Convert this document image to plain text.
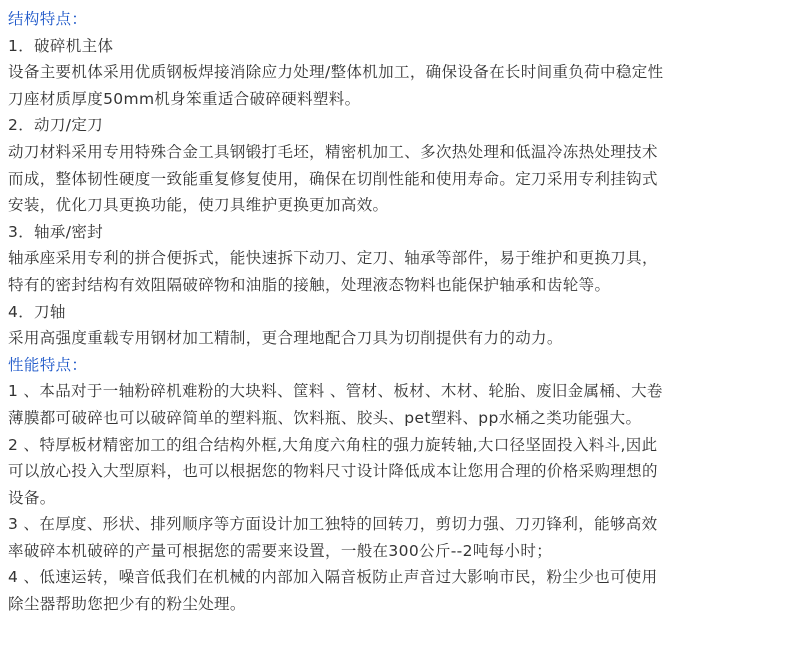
结构特点：
1．破碎机主体
设备主要机体采用优质钢板焊接消除应力处理/整体机加工，确保设备在长时间重负荷中稳定性
刀座材质厚度50mm机身笨重适合破碎硬料塑料。
2．动刀/定刀
动刀材料采用专用特殊合金工具钢锻打毛坯，精密机加工、多次热处理和低温冷冻热处理技术
而成，整体韧性硬度一致能重复修复使用，确保在切削性能和使用寿命。定刀采用专利挂钩式
安装，优化刀具更换功能，使刀具维护更换更加高效。
3．轴承/密封
轴承座采用专利的拼合便拆式，能快速拆下动刀、定刀、轴承等部件，易于维护和更换刀具，
特有的密封结构有效阻隔破碎物和油脂的接触，处理液态物料也能保护轴承和齿轮等。
4．刀轴
采用高强度重载专用钢材加工精制，更合理地配合刀具为切削提供有力的动力。
性能特点：
1 、本品对于一轴粉碎机难粉的大块料、筐料 、管材、板材、木材、轮胎、废旧金属桶、大卷
薄膜都可破碎也可以破碎简单的塑料瓶、饮料瓶、胶头、pet塑料、pp水桶之类功能强大。
2 、特厚板材精密加工的组合结构外框,大角度六角柱的强力旋转轴,大口径坚固投入料斗,因此
可以放心投入大型原料，也可以根据您的物料尺寸设计降低成本让您用合理的价格采购理想的
设备。
3 、在厚度、形状、排列顺序等方面设计加工独特的回转刀，剪切力强、刀刃锋利，能够高效
率破碎本机破碎的产量可根据您的需要来设置，一般在300公斤--2吨每小时；
4 、低速运转，噪音低我们在机械的内部加入隔音板防止声音过大影响市民，粉尘少也可使用
除尘器帮助您把少有的粉尘处理。
